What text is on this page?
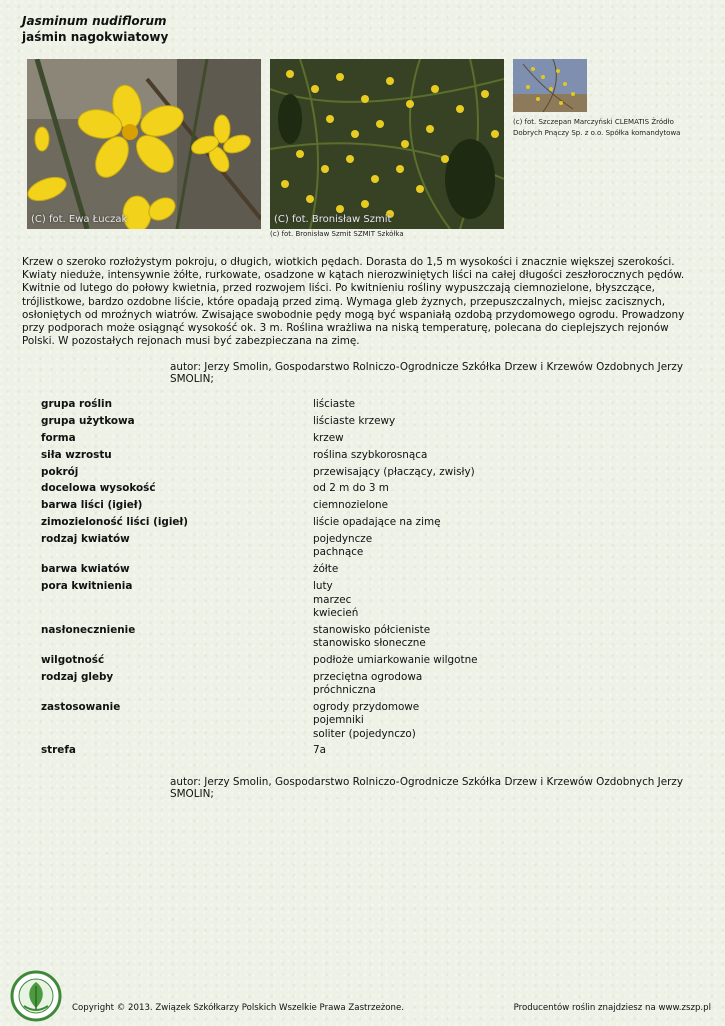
Jasminum nudiflorum
jaśmin nagokwiatowy
(C) fot. Ewa Łuczak	(C) fot. Bronisław Szmit
(c) fot. Bronisław Szmit SZMIT Szkółka
(c) fot. Szczepan Marczyński CLEMATIS Źródło Dobrych Pnączy Sp. z o.o. Spółka komandytowa
Krzew o szeroko rozłożystym pokroju, o długich, wiotkich pędach. Dorasta do 1,5 m wysokości i znacznie większej szerokości. Kwiaty nieduże, intensywnie żółte, rurkowate, osadzone w kątach nierozwiniętych liści na całej długości zeszłorocznych pędów. Kwitnie od lutego do połowy kwietnia, przed rozwojem liści. Po kwitnieniu rośliny wypuszczają ciemnozielone, błyszczące, trójlistkowe, bardzo ozdobne liście, które opadają przed zimą. Wymaga gleb żyznych, przepuszczalnych, miejsc zacisznych, osłoniętych od mroźnych wiatrów. Zwisające swobodnie pędy mogą być wspaniałą ozdobą przydomowego ogrodu. Prowadzony przy podporach może osiągnąć wysokość ok. 3 m. Roślina wrażliwa na niską temperaturę, polecana do cieplejszych rejonów Polski. W pozostałych rejonach musi być zabezpieczana na zimę.
autor: Jerzy Smolin, Gospodarstwo Rolniczo-Ogrodnicze Szkółka Drzew i Krzewów Ozdobnych Jerzy SMOLIN;
grupa roślin	liściaste
grupa użytkowa	liściaste krzewy
forma	krzew
siła wzrostu	roślina szybkorosnąca
pokrój	przewisający (płaczący, zwisły)
docelowa wysokość	od 2 m do 3 m
barwa liści (igieł)	ciemnozielone
zimozieloność liści (igieł)	liście opadające na zimę
rodzaj kwiatów	pojedyncze
pachnące
barwa kwiatów	żółte
pora kwitnienia	luty
marzec
kwiecień
nasłonecznienie	stanowisko półcieniste
stanowisko słoneczne
wilgotność	podłoże umiarkowanie wilgotne
rodzaj gleby	przeciętna ogrodowa
próchniczna
zastosowanie	ogrody przydomowe
pojemniki
soliter (pojedynczo)
strefa	7a
autor: Jerzy Smolin, Gospodarstwo Rolniczo-Ogrodnicze Szkółka Drzew i Krzewów Ozdobnych Jerzy SMOLIN;
Copyright © 2013. Związek Szkółkarzy Polskich Wszelkie Prawa Zastrzeżone.	Producentów roślin znajdziesz na www.zszp.pl
